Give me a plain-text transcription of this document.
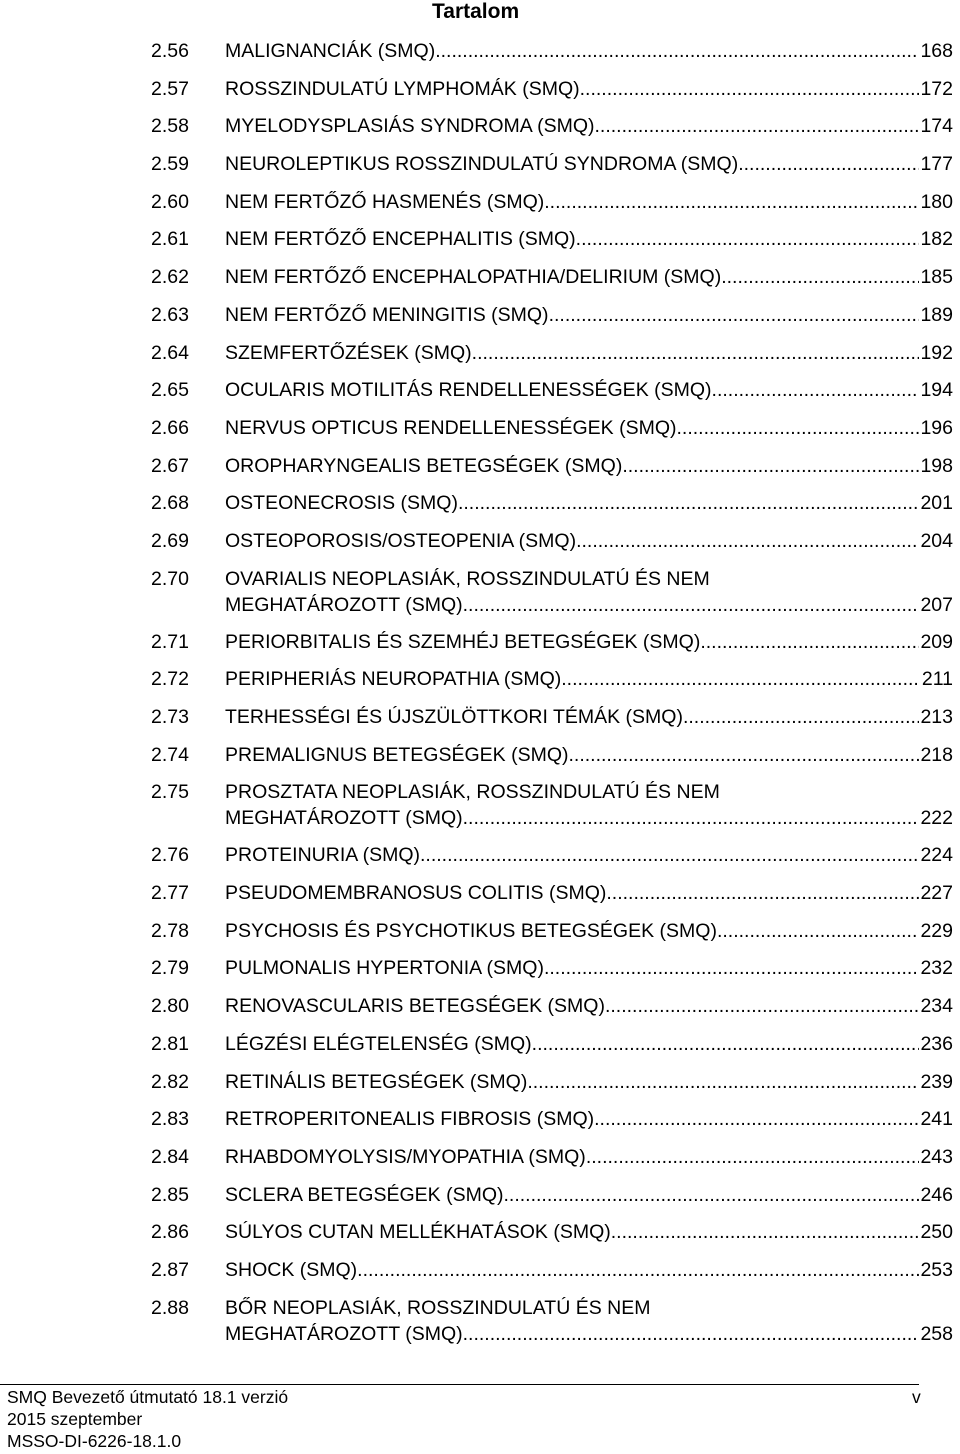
Tartalom
2.56	MALIGNANCIÁK (SMQ) .....	168
2.57	ROSSZINDULATÚ LYMPHOMÁK (SMQ) .....	172
2.58	MYELODYSPLASIÁS SYNDROMA (SMQ) .....	174
2.59	NEUROLEPTIKUS ROSSZINDULATÚ SYNDROMA (SMQ) .....	177
2.60	NEM FERTŐZŐ HASMENÉS (SMQ) .....	180
2.61	NEM FERTŐZŐ ENCEPHALITIS (SMQ) .....	182
2.62	NEM FERTŐZŐ ENCEPHALOPATHIA/DELIRIUM (SMQ) .....	185
2.63	NEM FERTŐZŐ MENINGITIS (SMQ) .....	189
2.64	SZEMFERTŐZÉSEK (SMQ) .....	192
2.65	OCULARIS MOTILITÁS RENDELLENESSÉGEK (SMQ) .....	194
2.66	NERVUS OPTICUS RENDELLENESSÉGEK (SMQ) .....	196
2.67	OROPHARYNGEALIS BETEGSÉGEK (SMQ) .....	198
2.68	OSTEONECROSIS (SMQ) .....	201
2.69	OSTEOPOROSIS/OSTEOPENIA (SMQ) .....	204
2.70	OVARIALIS NEOPLASIÁK, ROSSZINDULATÚ ÉS NEM
MEGHATÁROZOTT (SMQ) .....	207
2.71	PERIORBITALIS ÉS SZEMHÉJ BETEGSÉGEK (SMQ) .....	209
2.72	PERIPHERIÁS NEUROPATHIA (SMQ) .....	211
2.73	TERHESSÉGI ÉS ÚJSZÜLÖTTKORI TÉMÁK (SMQ) .....	213
2.74	PREMALIGNUS BETEGSÉGEK (SMQ) .....	218
2.75	PROSZTATA NEOPLASIÁK, ROSSZINDULATÚ ÉS NEM
MEGHATÁROZOTT (SMQ) .....	222
2.76	PROTEINURIA (SMQ) .....	224
2.77	PSEUDOMEMBRANOSUS COLITIS (SMQ) .....	227
2.78	PSYCHOSIS ÉS PSYCHOTIKUS BETEGSÉGEK (SMQ) .....	229
2.79	PULMONALIS HYPERTONIA (SMQ) .....	232
2.80	RENOVASCULARIS BETEGSÉGEK (SMQ) .....	234
2.81	LÉGZÉSI ELÉGTELENSÉG (SMQ) .....	236
2.82	RETINÁLIS BETEGSÉGEK (SMQ) .....	239
2.83	RETROPERITONEALIS FIBROSIS (SMQ) .....	241
2.84	RHABDOMYOLYSIS/MYOPATHIA (SMQ) .....	243
2.85	SCLERA BETEGSÉGEK (SMQ) .....	246
2.86	SÚLYOS CUTAN MELLÉKHATÁSOK (SMQ) .....	250
2.87	SHOCK (SMQ) .....	253
2.88	BŐR NEOPLASIÁK, ROSSZINDULATÚ ÉS NEM
MEGHATÁROZOTT (SMQ) .....	258
SMQ Bevezető útmutató 18.1 verzió
2015 szeptember
MSSO-DI-6226-18.1.0
v
